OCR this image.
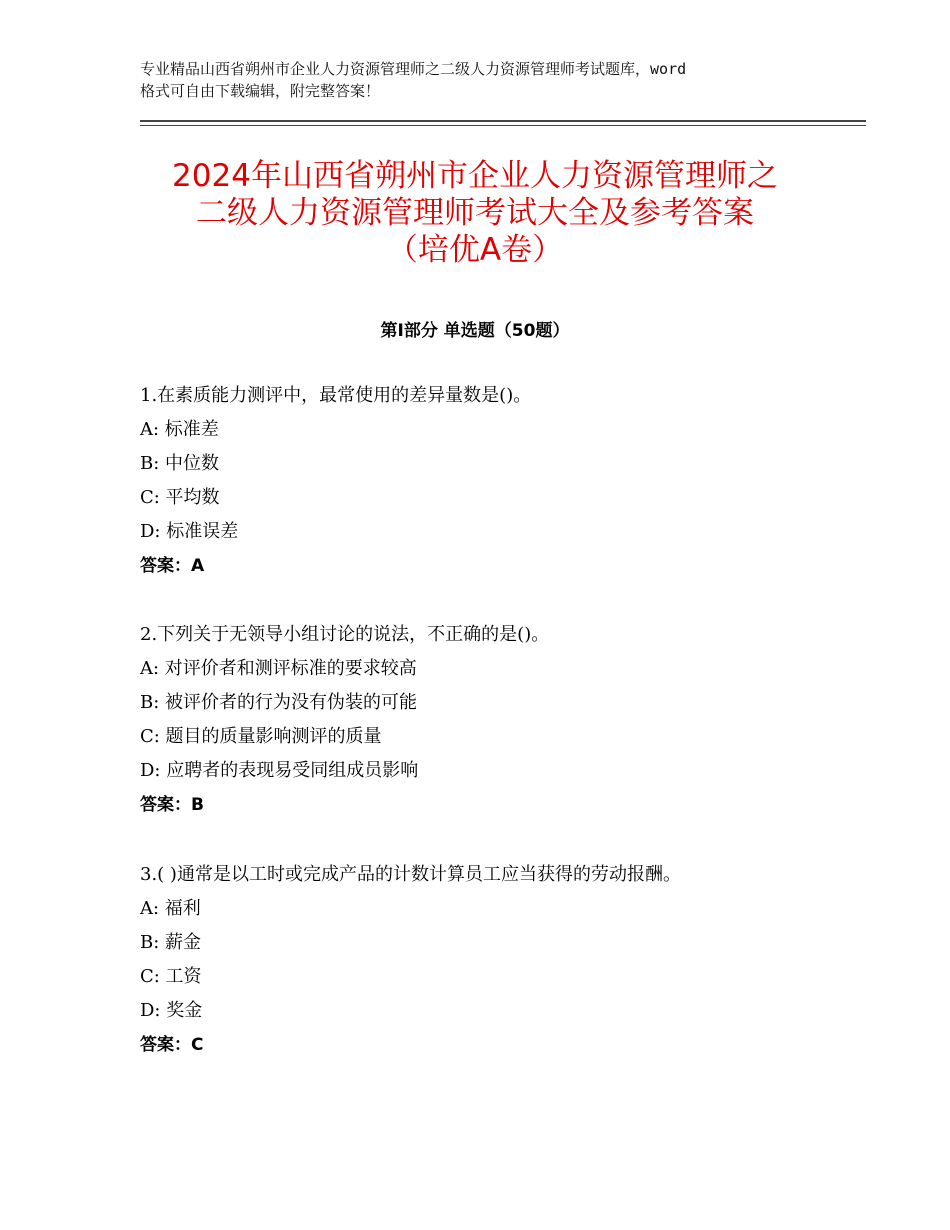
专业精品山西省朔州市企业人力资源管理师之二级人力资源管理师考试题库，word
格式可自由下载编辑，附完整答案！
2024年山西省朔州市企业人力资源管理师之
二级人力资源管理师考试大全及参考答案
（培优A卷）
第Ⅰ部分 单选题（50题）
1.在素质能力测评中，最常使用的差异量数是()。
A: 标准差
B: 中位数
C: 平均数
D: 标准误差
答案：A
2.下列关于无领导小组讨论的说法，不正确的是()。
A: 对评价者和测评标准的要求较高
B: 被评价者的行为没有伪装的可能
C: 题目的质量影响测评的质量
D: 应聘者的表现易受同组成员影响
答案：B
3.( )通常是以工时或完成产品的计数计算员工应当获得的劳动报酬。
A: 福利
B: 薪金
C: 工资
D: 奖金
答案：C
